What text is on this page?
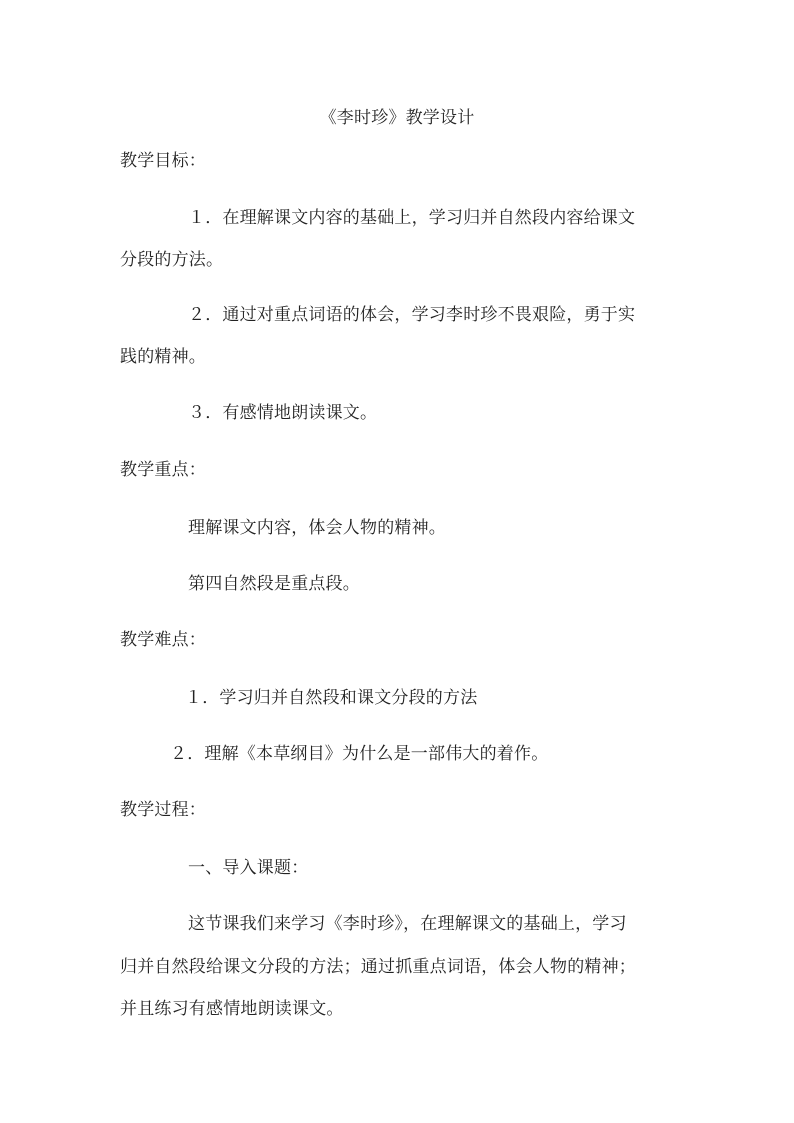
《李时珍》教学设计
教学目标：
１．在理解课文内容的基础上，学习归并自然段内容给课文
分段的方法。
２．通过对重点词语的体会，学习李时珍不畏艰险，勇于实
践的精神。
３．有感情地朗读课文。
教学重点：
理解课文内容，体会人物的精神。
第四自然段是重点段。
教学难点：
１．学习归并自然段和课文分段的方法
２．理解《本草纲目》为什么是一部伟大的着作。
教学过程：
一、导入课题：
这节课我们来学习《李时珍》，在理解课文的基础上，学习
归并自然段给课文分段的方法；通过抓重点词语，体会人物的精神；
并且练习有感情地朗读课文。
